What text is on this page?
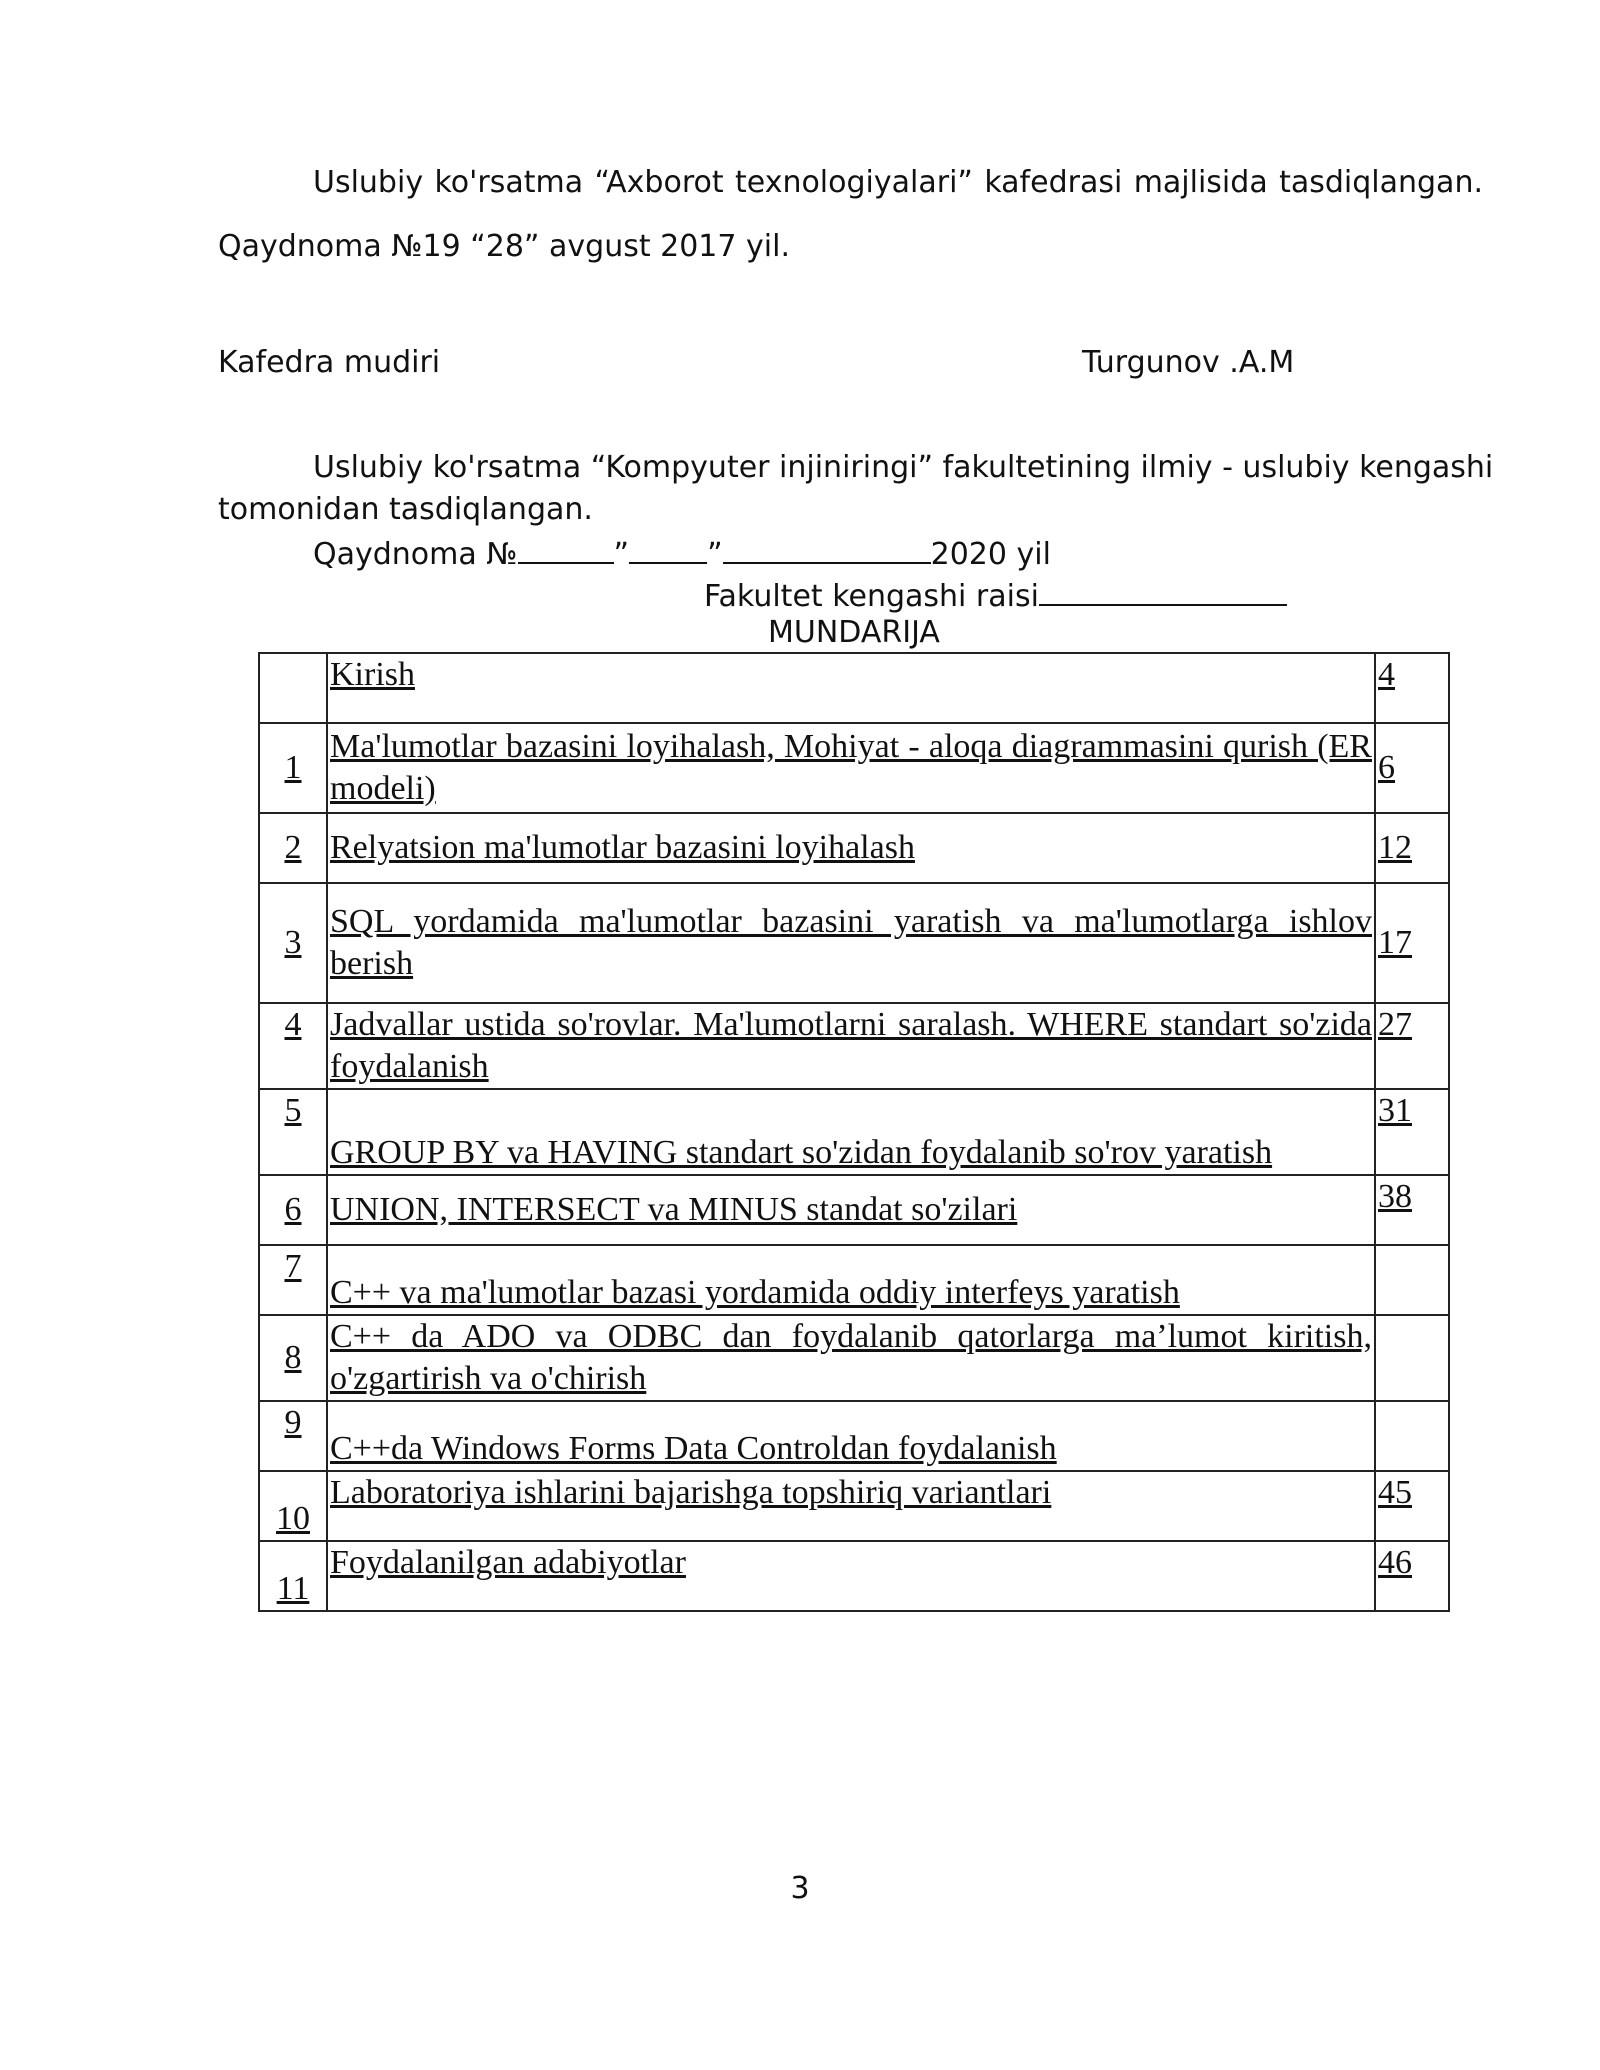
Uslubiy ko'rsatma “Axborot texnologiyalari” kafedrasi majlisida tasdiqlangan.
Qaydnoma №19 “28” avgust 2017 yil.
Kafedra mudiri	Turgunov .A.M
Uslubiy ko'rsatma “Kompyuter injiniringi” fakultetining ilmiy - uslubiy kengashi
tomonidan tasdiqlangan.
Qaydnoma №	”	”	2020 yil
Fakultet kengashi raisi
MUNDARIJA
	Kirish	4
1	Ma'lumotlar bazasini loyihalash, Mohiyat - aloqa diagrammasini qurish (ER modeli)	6
2	Relyatsion ma'lumotlar bazasini loyihalash	12
3	SQL yordamida ma'lumotlar bazasini yaratish va ma'lumotlarga ishlov berish	17
4	Jadvallar ustida so'rovlar. Ma'lumotlarni saralash. WHERE standart so'zida foydalanish	27
5	GROUP BY va HAVING standart so'zidan foydalanib so'rov yaratish	31
6	UNION, INTERSECT va MINUS standat so'zilari	38
7	C++ va ma'lumotlar bazasi yordamida oddiy interfeys yaratish	
8	C++ da ADO va ODBC dan foydalanib qatorlarga ma’lumot kiritish, o'zgartirish va o'chirish	
9	C++da Windows Forms Data Controldan foydalanish	
10	Laboratoriya ishlarini bajarishga topshiriq variantlari	45
11	Foydalanilgan adabiyotlar	46
3
